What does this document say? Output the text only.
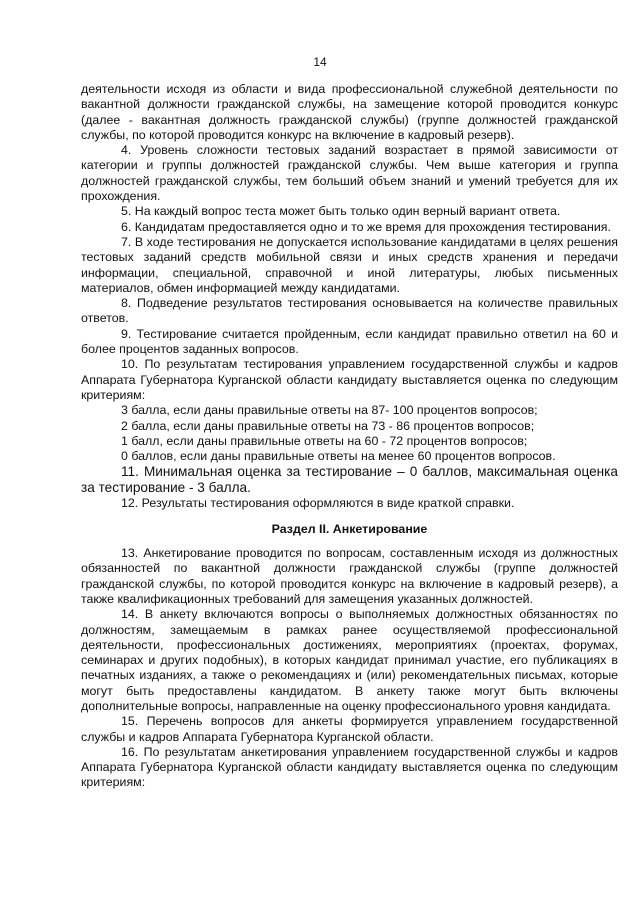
14

деятельности исходя из области и вида профессиональной служебной деятельности по вакантной должности гражданской службы, на замещение которой проводится конкурс (далее - вакантная должность гражданской службы) (группе должностей гражданской службы, по которой проводится конкурс на включение в кадровый резерв).

4. Уровень сложности тестовых заданий возрастает в прямой зависимости от категории и группы должностей гражданской службы. Чем выше категория и группа должностей гражданской службы, тем больший объем знаний и умений требуется для их прохождения.

5. На каждый вопрос теста может быть только один верный вариант ответа.

6. Кандидатам предоставляется одно и то же время для прохождения тестирования.

7. В ходе тестирования не допускается использование кандидатами в целях решения тестовых заданий средств мобильной связи и иных средств хранения и передачи информации, специальной, справочной и иной литературы, любых письменных материалов, обмен информацией между кандидатами.

8. Подведение результатов тестирования основывается на количестве правильных ответов.

9. Тестирование считается пройденным, если кандидат правильно ответил на 60 и более процентов заданных вопросов.

10. По результатам тестирования управлением государственной службы и кадров Аппарата Губернатора Курганской области кандидату выставляется оценка по следующим критериям:

3 балла, если даны правильные ответы на 87- 100 процентов вопросов;

2 балла, если даны правильные ответы на 73 - 86 процентов вопросов;

1 балл, если даны правильные ответы на 60 - 72 процентов вопросов;

0 баллов, если даны правильные ответы на менее 60 процентов вопросов.

11. Минимальная оценка за тестирование – 0 баллов, максимальная оценка за тестирование - 3 балла.

12. Результаты тестирования оформляются в виде краткой справки.

Раздел II. Анкетирование

13. Анкетирование проводится по вопросам, составленным исходя из должностных обязанностей по вакантной должности гражданской службы (группе должностей гражданской службы, по которой проводится конкурс на включение в кадровый резерв), а также квалификационных требований для замещения указанных должностей.

14. В анкету включаются вопросы о выполняемых должностных обязанностях по должностям, замещаемым в рамках ранее осуществляемой профессиональной деятельности, профессиональных достижениях, мероприятиях (проектах, форумах, семинарах и других подобных), в которых кандидат принимал участие, его публикациях в печатных изданиях, а также о рекомендациях и (или) рекомендательных письмах, которые могут быть предоставлены кандидатом. В анкету также могут быть включены дополнительные вопросы, направленные на оценку профессионального уровня кандидата.

15. Перечень вопросов для анкеты формируется управлением государственной службы и кадров Аппарата Губернатора Курганской области.

16. По результатам анкетирования управлением государственной службы и кадров Аппарата Губернатора Курганской области кандидату выставляется оценка по следующим критериям:
